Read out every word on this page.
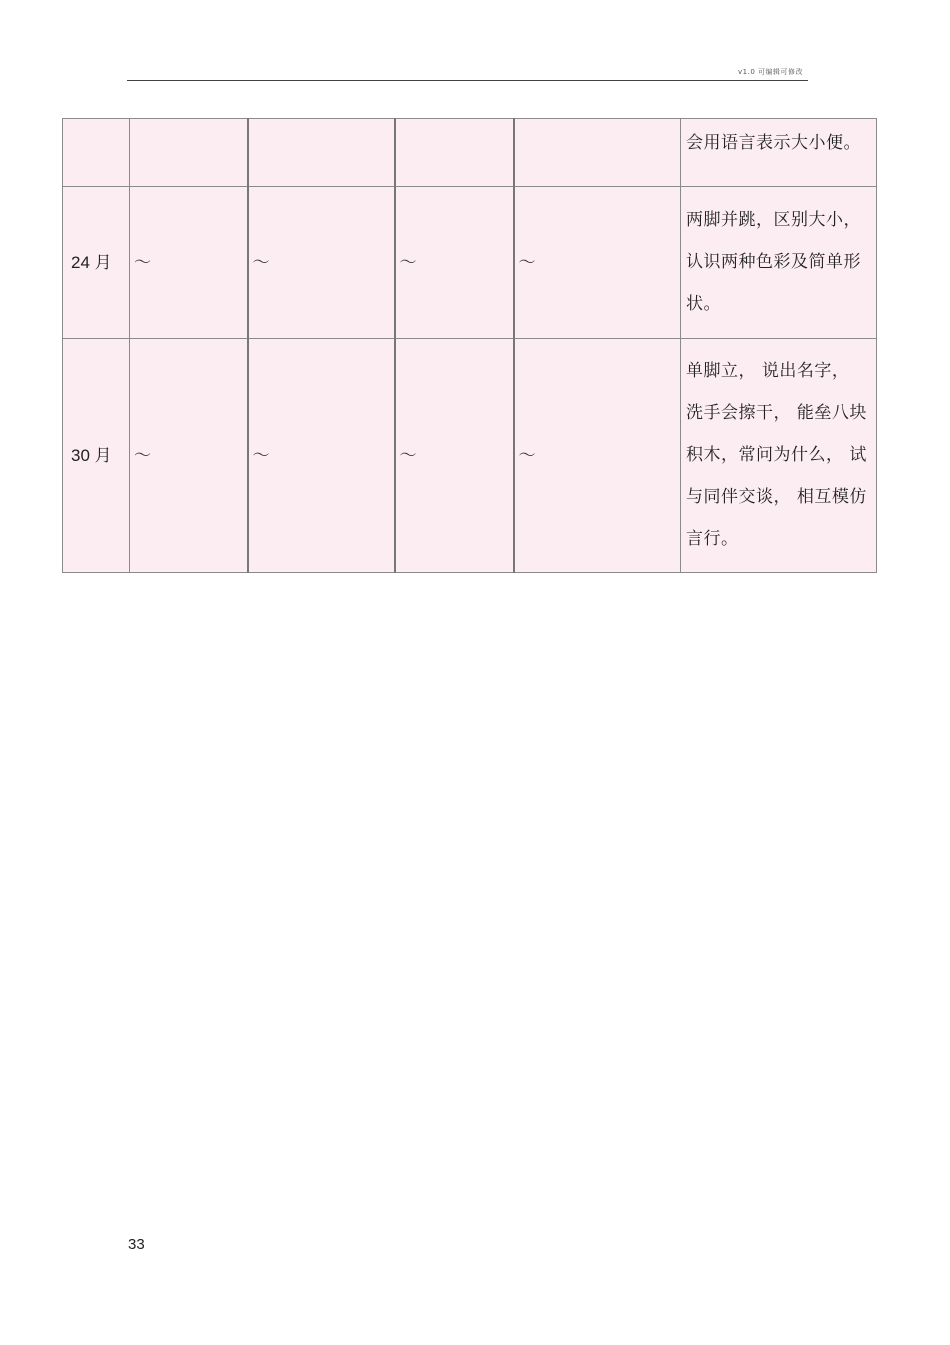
v1.0 可编辑可修改
					会用语言表示大小便。
24 月	～	～	～	～	两脚并跳，区别大小，认识两种色彩及简单形状。
30 月	～	～	～	～	单脚立， 说出名字， 洗手会擦干， 能垒八块积木，常问为什么， 试与同伴交谈， 相互模仿言行。
33
